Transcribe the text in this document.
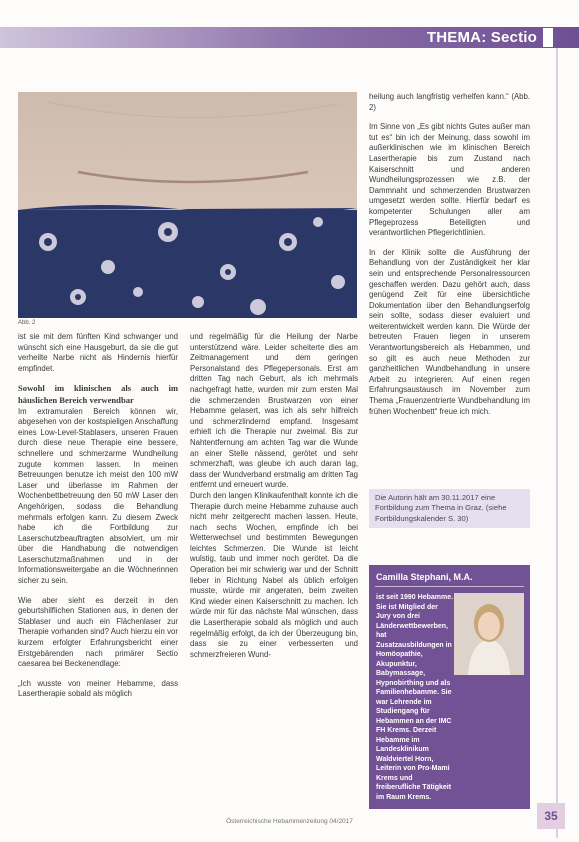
THEMA: Sectio
Abb. 2

ist sie mit dem fünften Kind schwanger und wünscht sich eine Hausgeburt, da sie die gut verheilte Narbe nicht als Hindernis hierfür empfindet.

Sowohl im klinischen als auch im häuslichen Bereich verwendbar

Im extramuralen Bereich können wir, abgesehen von der kostspieligen Anschaffung eines Low-Level-Stablasers, unseren Frauen durch diese neue Therapie eine bessere, schnellere und schmerzarme Wundheilung zugute kommen lassen. In meinen Betreuungen benutze ich meist den 100 mW Laser und überlasse im Rahmen der Wochenbettbetreuung den 50 mW Laser den Angehörigen, sodass die Behandlung mehrmals erfolgen kann. Zu diesem Zweck habe ich die Fortbildung zur Laserschutzbeauftragten absolviert, um mir über die Handhabung die notwendigen Laserschutzmaßnahmen und in der Informationsweitergabe an die Wöchnerinnen sicher zu sein.

Wie aber sieht es derzeit in den geburtshilflichen Stationen aus, in denen der Stablaser und auch ein Flächenlaser zur Therapie vorhanden sind? Auch hierzu ein vor kurzem erfolgter Erfahrungsbericht einer Erstgebärenden nach primärer Sectio caesarea bei Beckenendlage:

„Ich wusste von meiner Hebamme, dass Lasertherapie sobald als möglich

und regelmäßig für die Heilung der Narbe unterstützend wäre. Leider scheiterte dies am Zeitmanagement und dem geringen Personalstand des Pflegepersonals. Erst am dritten Tag nach Geburt, als ich mehrmals nachgefragt hatte, wurden mir zum ersten Mal die schmerzenden Brustwarzen von einer Hebamme gelasert, was ich als sehr hilfreich und schmerzlindernd empfand. Insgesamt erhielt ich die Therapie nur zweimal. Bis zur Nahtentfernung am achten Tag war die Wunde an einer Stelle nässend, gerötet und sehr schmerzhaft, was gleube ich auch daran lag, dass der Wundverband erstmalig am dritten Tag entfernt und erneuert wurde.

Durch den langen Klinikaufenthalt konnte ich die Therapie durch meine Hebamme zuhause auch nicht mehr zeitgerecht machen lassen. Heute, nach sechs Wochen, empfinde ich bei Wetterwechsel und bestimmten Bewegungen leichtes Schmerzen. Die Wunde ist leicht wulstig, taub und immer noch gerötet. Da die Operation bei mir schwierig war und der Schnitt lieber in Richtung Nabel als üblich erfolgen musste, würde mir angeraten, beim zweiten Kind wieder einen Kaiserschnitt zu machen. Ich würde mir für das nächste Mal wünschen, dass die Lasertherapie sobald als möglich und auch regelmäßig erfolgt, da ich der Überzeugung bin, dass sie zu einer verbesserten und schmerzfreieren Wund-

heilung auch langfristig verhelfen kann.“ (Abb. 2)

Im Sinne von „Es gibt nichts Gutes außer man tut es“ bin ich der Meinung, dass sowohl im außerklinischen wie im klinischen Bereich Lasertherapie bis zum Zustand nach Kaiserschnitt und anderen Wundheilungsprozessen wie z.B. der Dammnaht und schmerzenden Brustwarzen umgesetzt werden sollte. Hierfür bedarf es kompetenter Schulungen aller am Pflegeprozess Beteiligten und verantwortlichen Pflegerichtlinien.

In der Klinik sollte die Ausführung der Behandlung von der Zuständigkeit her klar sein und entsprechende Personalressourcen geschaffen werden. Dazu gehört auch, dass genügend Zeit für eine übersichtliche Dokumentation über den Behandlungserfolg sein sollte, sodass dieser evaluiert und weiterentwickelt werden kann. Die Würde der betreuten Frauen liegen in unserem Verantwortungsbereich als Hebammen, und so gilt es auch neue Methoden zur ganzheitlichen Wundbehandlung in unsere Arbeit zu integrieren. Auf einen regen Erfahrungsaustausch im November zum Thema „Frauenzentrierte Wundbehandlung im frühen Wochenbett“ freue ich mich.

Die Autorin hält am 30.11.2017 eine Fortbildung zum Thema in Graz. (siehe Fortbildungskalender S. 30)
Camilla Stephani, M.A.
ist seit 1990 Hebamme. Sie ist Mitglied der Jury von drei Länderwettbewerben, hat Zusatzausbildungen in Homöopathie, Akupunktur, Babymassage, Hypnobirthing und als Familienhebamme. Sie war Lehrende im Studiengang für Hebammen an der IMC FH Krems. Derzeit Hebamme im Landesklinikum Waldviertel Horn, Leiterin von Pro-Mami Krems und freiberufliche Tätigkeit im Raum Krems.
Österreichische Hebammenzeitung 04/2017	35
